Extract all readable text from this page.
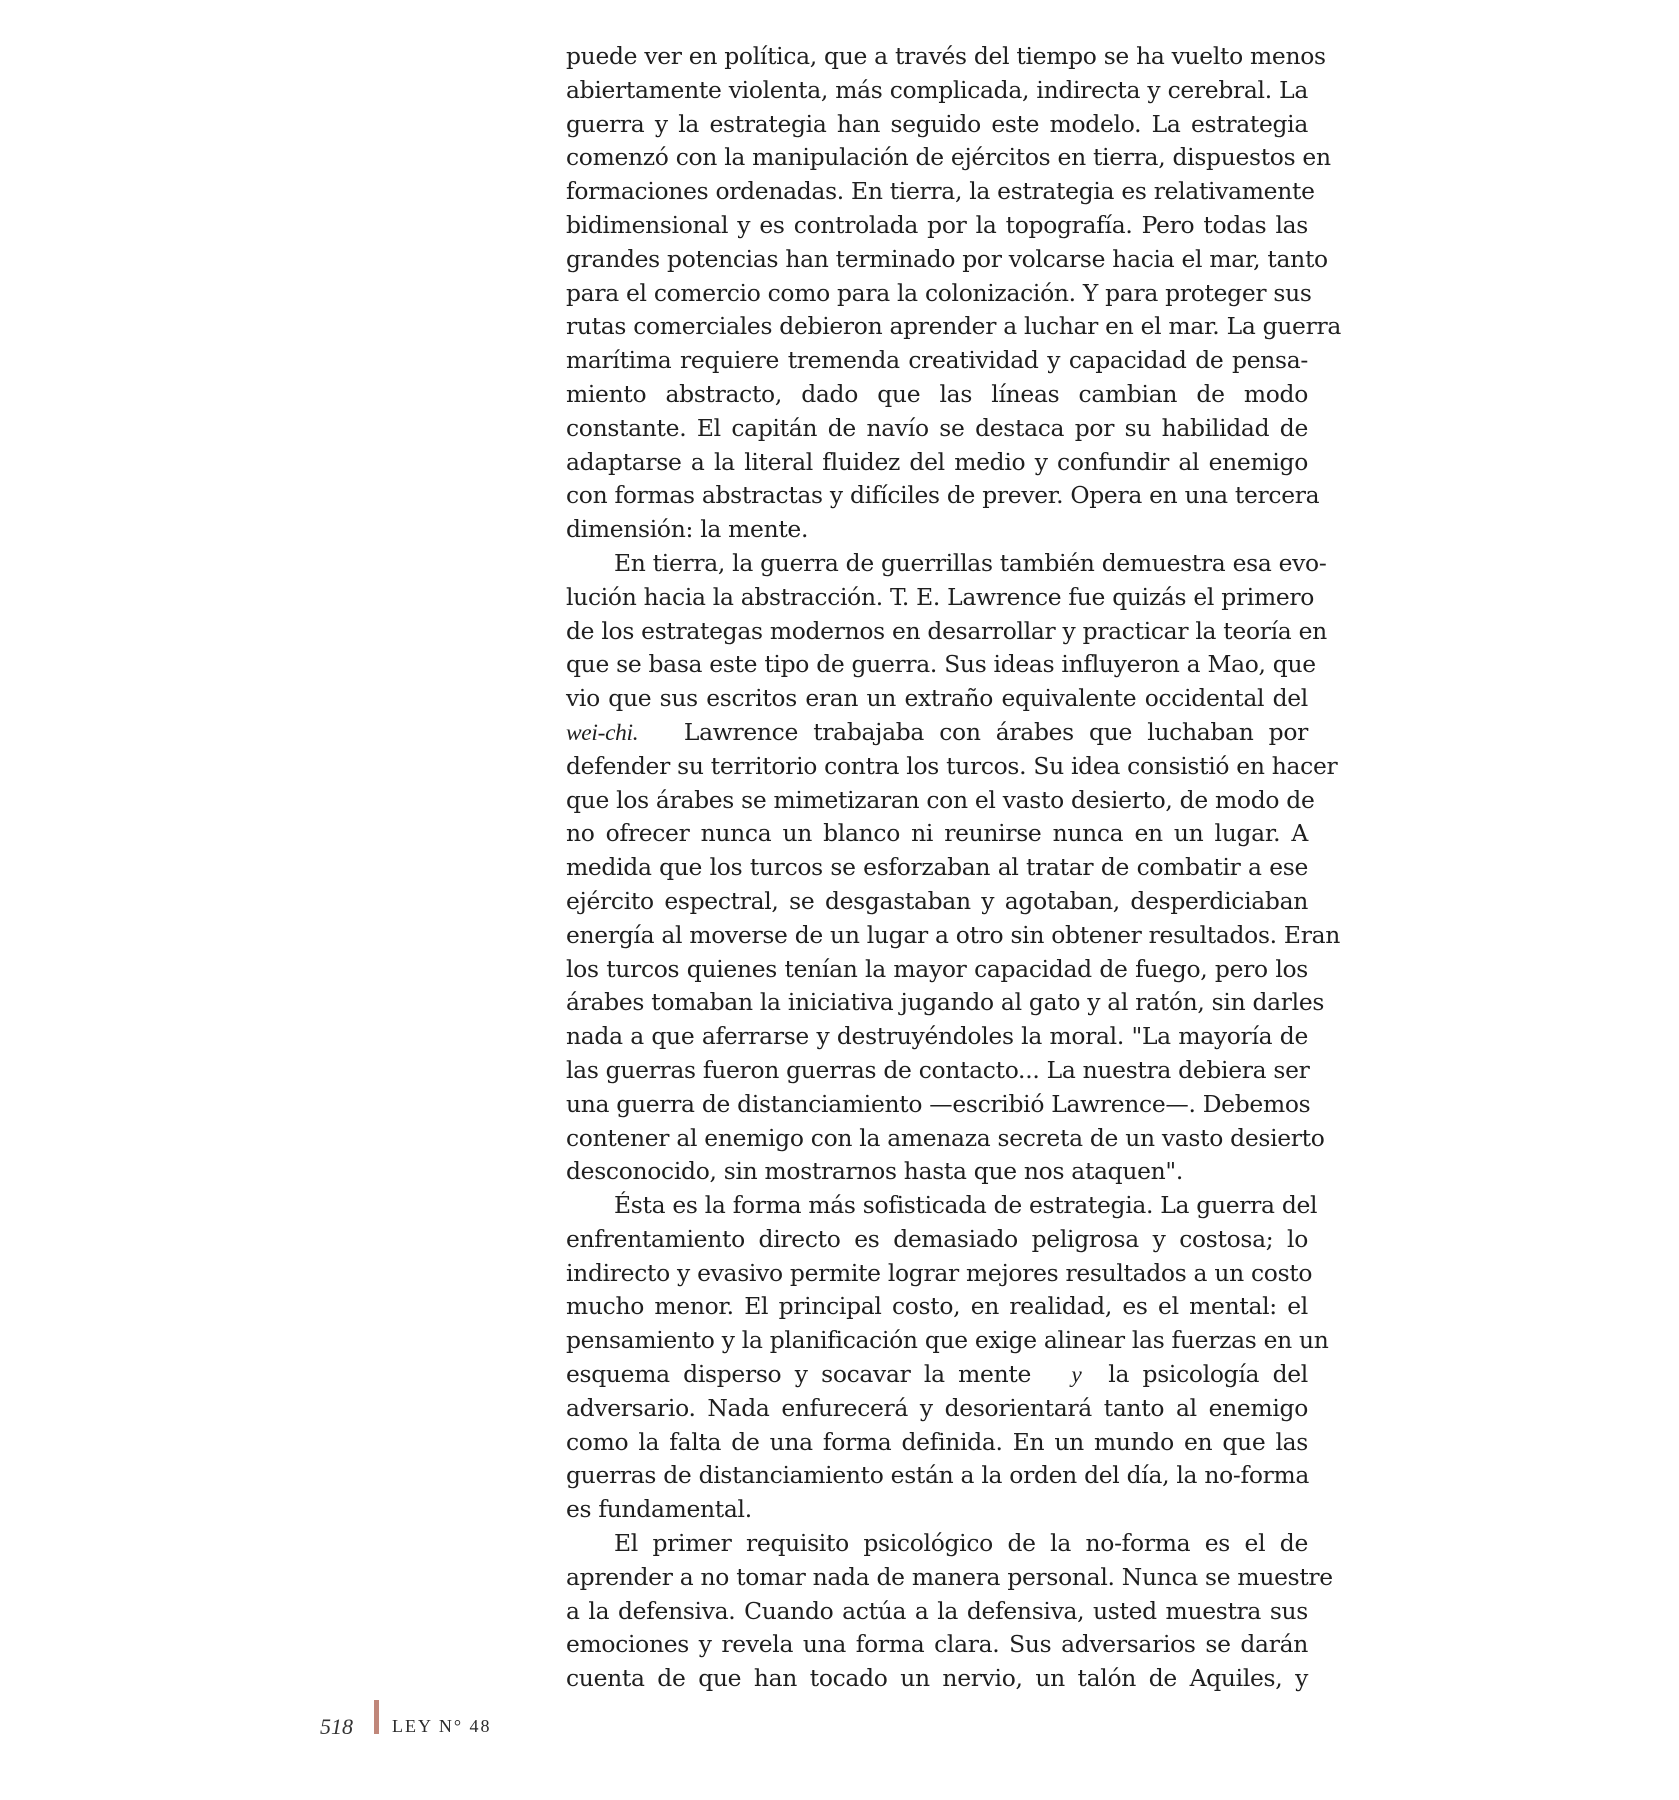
puede ver en política, que a través del tiempo se ha vuelto menos
abiertamente violenta, más complicada, indirecta y cerebral. La
guerra y la estrategia han seguido este modelo. La estrategia
comenzó con la manipulación de ejércitos en tierra, dispuestos en
formaciones ordenadas. En tierra, la estrategia es relativamente
bidimensional y es controlada por la topografía. Pero todas las
grandes potencias han terminado por volcarse hacia el mar, tanto
para el comercio como para la colonización. Y para proteger sus
rutas comerciales debieron aprender a luchar en el mar. La guerra
marítima requiere tremenda creatividad y capacidad de pensa-
miento abstracto, dado que las líneas cambian de modo
constante. El capitán de navío se destaca por su habilidad de
adaptarse a la literal fluidez del medio y confundir al enemigo
con formas abstractas y difíciles de prever. Opera en una tercera
dimensión: la mente.
En tierra, la guerra de guerrillas también demuestra esa evo-
lución hacia la abstracción. T. E. Lawrence fue quizás el primero
de los estrategas modernos en desarrollar y practicar la teoría en
que se basa este tipo de guerra. Sus ideas influyeron a Mao, que
vio que sus escritos eran un extraño equivalente occidental del
wei-chi. Lawrence trabajaba con árabes que luchaban por
defender su territorio contra los turcos. Su idea consistió en hacer
que los árabes se mimetizaran con el vasto desierto, de modo de
no ofrecer nunca un blanco ni reunirse nunca en un lugar. A
medida que los turcos se esforzaban al tratar de combatir a ese
ejército espectral, se desgastaban y agotaban, desperdiciaban
energía al moverse de un lugar a otro sin obtener resultados. Eran
los turcos quienes tenían la mayor capacidad de fuego, pero los
árabes tomaban la iniciativa jugando al gato y al ratón, sin darles
nada a que aferrarse y destruyéndoles la moral. "La mayoría de
las guerras fueron guerras de contacto... La nuestra debiera ser
una guerra de distanciamiento —escribió Lawrence—. Debemos
contener al enemigo con la amenaza secreta de un vasto desierto
desconocido, sin mostrarnos hasta que nos ataquen".
Ésta es la forma más sofisticada de estrategia. La guerra del
enfrentamiento directo es demasiado peligrosa y costosa; lo
indirecto y evasivo permite lograr mejores resultados a un costo
mucho menor. El principal costo, en realidad, es el mental: el
pensamiento y la planificación que exige alinear las fuerzas en un
esquema disperso y socavar la mente y la psicología del
adversario. Nada enfurecerá y desorientará tanto al enemigo
como la falta de una forma definida. En un mundo en que las
guerras de distanciamiento están a la orden del día, la no-forma
es fundamental.
El primer requisito psicológico de la no-forma es el de
aprender a no tomar nada de manera personal. Nunca se muestre
a la defensiva. Cuando actúa a la defensiva, usted muestra sus
emociones y revela una forma clara. Sus adversarios se darán
cuenta de que han tocado un nervio, un talón de Aquiles, y
518 LEY N° 48
